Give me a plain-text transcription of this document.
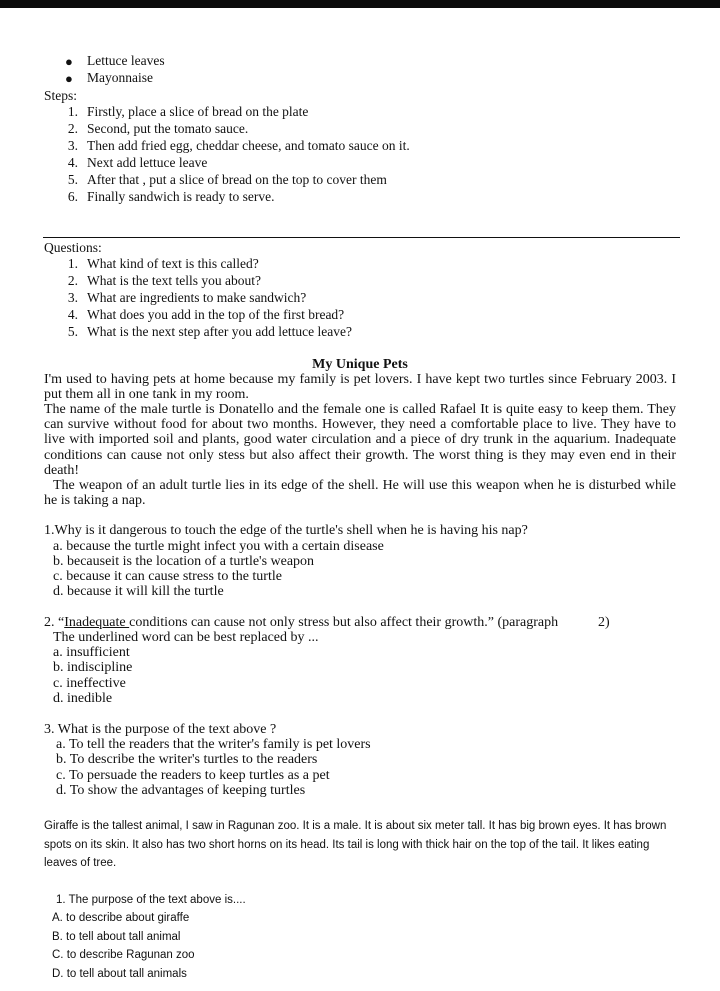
● Lettuce leaves
● Mayonnaise
Steps:
1. Firstly, place a slice of bread on the plate
2. Second, put the tomato sauce.
3. Then add fried egg, cheddar cheese, and tomato sauce on it.
4. Next add lettuce leave
5. After that , put a slice of bread on the top to cover them
6. Finally sandwich is ready to serve.
Questions:
1. What kind of text is this called?
2. What is the text tells you about?
3. What are ingredients to make sandwich?
4. What does you add in the top of the first bread?
5. What is the next step after you add lettuce leave?
My Unique Pets
I'm used to having pets at home because my family is pet lovers. I have kept two turtles since February 2003. I put them all in one tank in my room.
The name of the male turtle is Donatello and the female one is called Rafael It is quite easy to keep them. They can survive without food for about two months. However, they need a comfortable place to live. They have to live with imported soil and plants, good water circulation and a piece of dry trunk in the aquarium. Inadequate conditions can cause not only stess but also affect their growth. The worst thing is they may even end in their death!
The weapon of an adult turtle lies in its edge of the shell. He will use this weapon when he is disturbed while he is taking a nap.
1.Why is it dangerous to touch the edge of the turtle's shell when he is having his nap?
a. because the turtle might infect you with a certain disease
b. becauseit is the location of a turtle's weapon
c. because it can cause stress to the turtle
d. because it will kill the turtle
2. “Inadequate conditions can cause not only stress but also affect their growth.” (paragraph	2)
The underlined word can be best replaced by ...
a. insufficient
b. indiscipline
c. ineffective
d. inedible
3. What is the purpose of the text above ?
a. To tell the readers that the writer's family is pet lovers
b. To describe the writer's turtles to the readers
c. To persuade the readers to keep turtles as a pet
d. To show the advantages of keeping turtles
Giraffe is the tallest animal, I saw in Ragunan zoo. It is a male. It is about six meter tall. It has big brown eyes. It has brown spots on its skin. It also has two short horns on its head. Its tail is long with thick hair on the top of the tail. It likes eating leaves of tree.
1. The purpose of the text above is....
A. to describe about giraffe
B. to tell about tall animal
C. to describe Ragunan zoo
D. to tell about tall animals
